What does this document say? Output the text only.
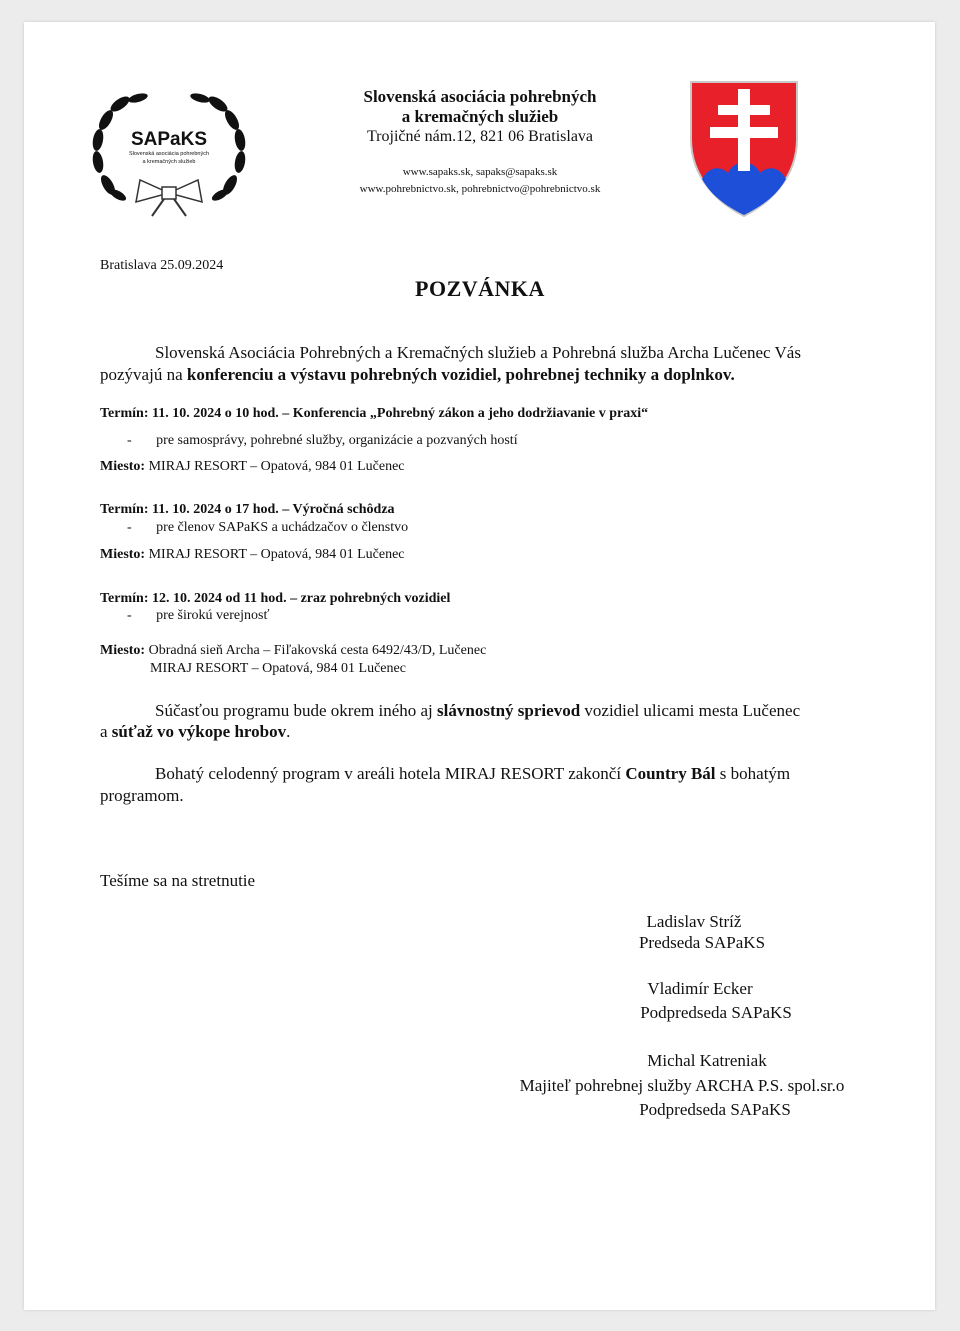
SAPaKS
Slovenská asociácia pohrebných
a kremačných služieb
Slovenská asociácia pohrebných
a kremačných služieb
Trojičné nám.12, 821 06 Bratislava
www.sapaks.sk, sapaks@sapaks.sk
www.pohrebnictvo.sk, pohrebnictvo@pohrebnictvo.sk
Bratislava 25.09.2024
POZVÁNKA
Slovenská Asociácia Pohrebných a Kremačných služieb a Pohrebná služba Archa Lučenec Vás
pozývajú na konferenciu a výstavu pohrebných vozidiel, pohrebnej techniky a doplnkov.
Termín: 11. 10. 2024 o 10 hod. – Konferencia „Pohrebný zákon a jeho dodržiavanie v praxi“
-       pre samosprávy, pohrebné služby, organizácie a pozvaných hostí
Miesto: MIRAJ RESORT – Opatová, 984 01 Lučenec
Termín: 11. 10. 2024 o 17 hod. – Výročná schôdza
-       pre členov SAPaKS a uchádzačov o členstvo
Miesto: MIRAJ RESORT – Opatová, 984 01 Lučenec
Termín: 12. 10. 2024 od 11 hod. – zraz pohrebných vozidiel
-       pre širokú verejnosť
Miesto: Obradná sieň Archa – Fiľakovská cesta 6492/43/D, Lučenec
MIRAJ RESORT – Opatová, 984 01 Lučenec
Súčasťou programu bude okrem iného aj slávnostný sprievod vozidiel ulicami mesta Lučenec
a súťaž vo výkope hrobov.
Bohatý celodenný program v areáli hotela MIRAJ RESORT zakončí Country Bál s bohatým
programom.
Tešíme sa na stretnutie
Ladislav Stríž
Predseda SAPaKS
Vladimír Ecker
Podpredseda SAPaKS
Michal Katreniak
Majiteľ pohrebnej služby ARCHA P.S. spol.sr.o
Podpredseda SAPaKS
